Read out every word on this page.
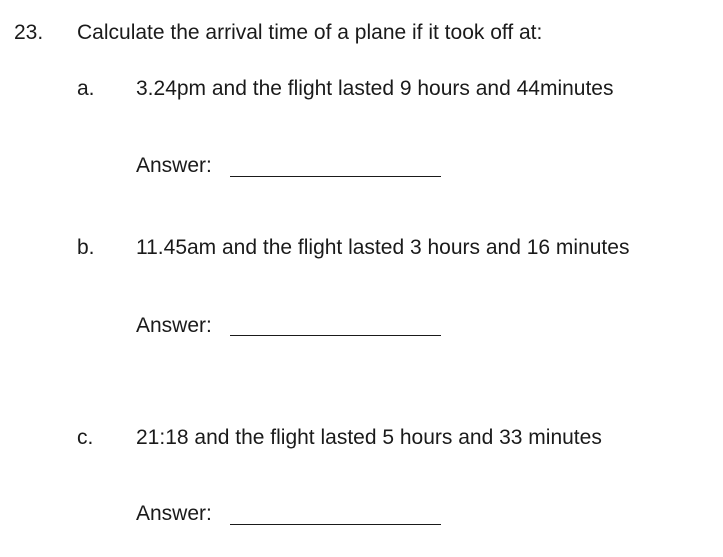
23. Calculate the arrival time of a plane if it took off at:
a. 3.24pm and the flight lasted 9 hours and 44minutes
Answer:
b. 11.45am and the flight lasted 3 hours and 16 minutes
Answer:
c. 21:18 and the flight lasted 5 hours and 33 minutes
Answer:
